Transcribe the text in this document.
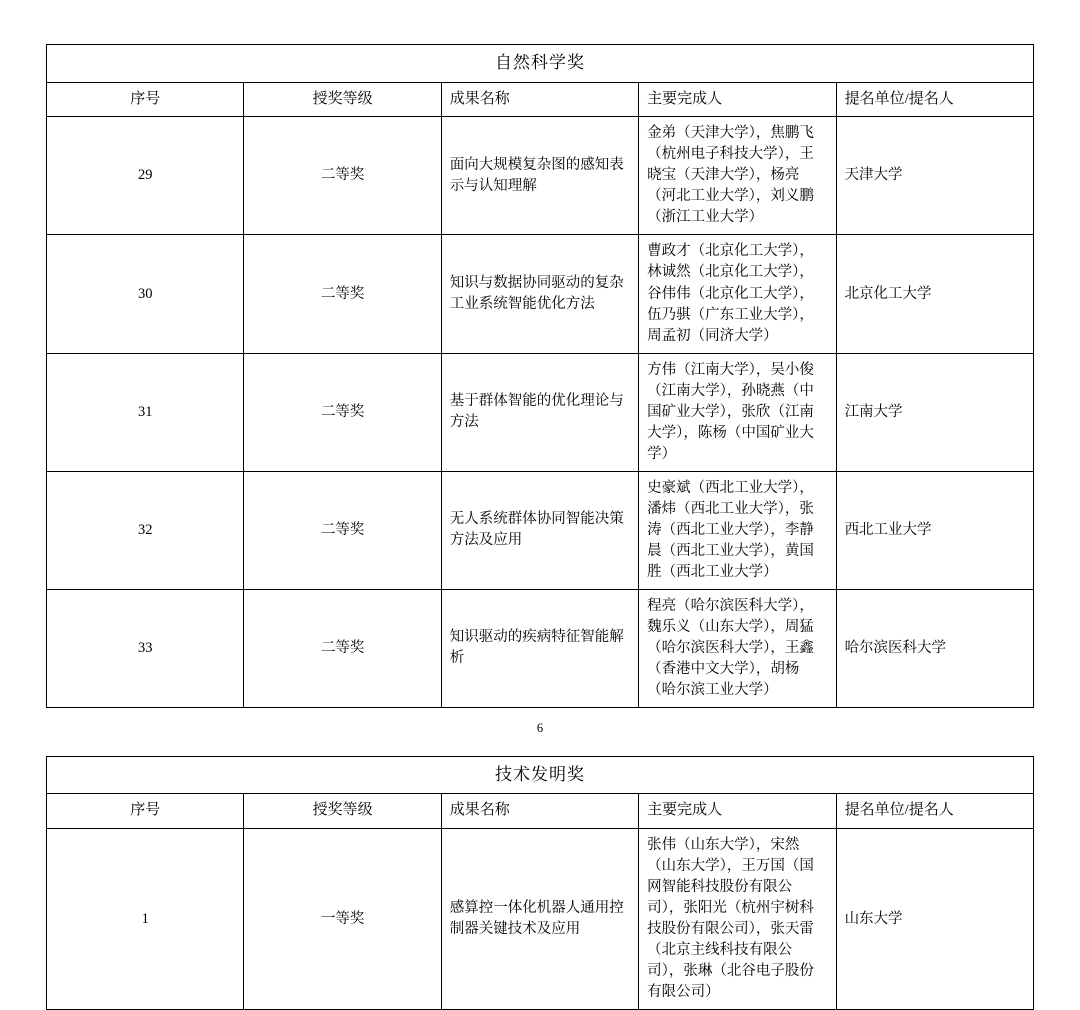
自然科学奖				
序号	授奖等级	成果名称	主要完成人	提名单位/提名人
29	二等奖	面向大规模复杂图的感知表示与认知理解	金弟（天津大学），焦鹏飞（杭州电子科技大学），王晓宝（天津大学），杨亮（河北工业大学），刘义鹏（浙江工业大学）	天津大学
30	二等奖	知识与数据协同驱动的复杂工业系统智能优化方法	曹政才（北京化工大学），林诚然（北京化工大学），谷伟伟（北京化工大学），伍乃骐（广东工业大学），周孟初（同济大学）	北京化工大学
31	二等奖	基于群体智能的优化理论与方法	方伟（江南大学），吴小俊（江南大学），孙晓燕（中国矿业大学），张欣（江南大学），陈杨（中国矿业大学）	江南大学
32	二等奖	无人系统群体协同智能决策方法及应用	史豪斌（西北工业大学），潘炜（西北工业大学），张涛（西北工业大学），李静晨（西北工业大学），黄国胜（西北工业大学）	西北工业大学
33	二等奖	知识驱动的疾病特征智能解析	程亮（哈尔滨医科大学），魏乐义（山东大学），周猛（哈尔滨医科大学），王鑫（香港中文大学），胡杨（哈尔滨工业大学）	哈尔滨医科大学
技术发明奖				
序号	授奖等级	成果名称	主要完成人	提名单位/提名人
1	一等奖	感算控一体化机器人通用控制器关键技术及应用	张伟（山东大学），宋然（山东大学），王万国（国网智能科技股份有限公司），张阳光（杭州宇树科技股份有限公司），张天雷（北京主线科技有限公司），张琳（北谷电子股份有限公司）	山东大学
6
